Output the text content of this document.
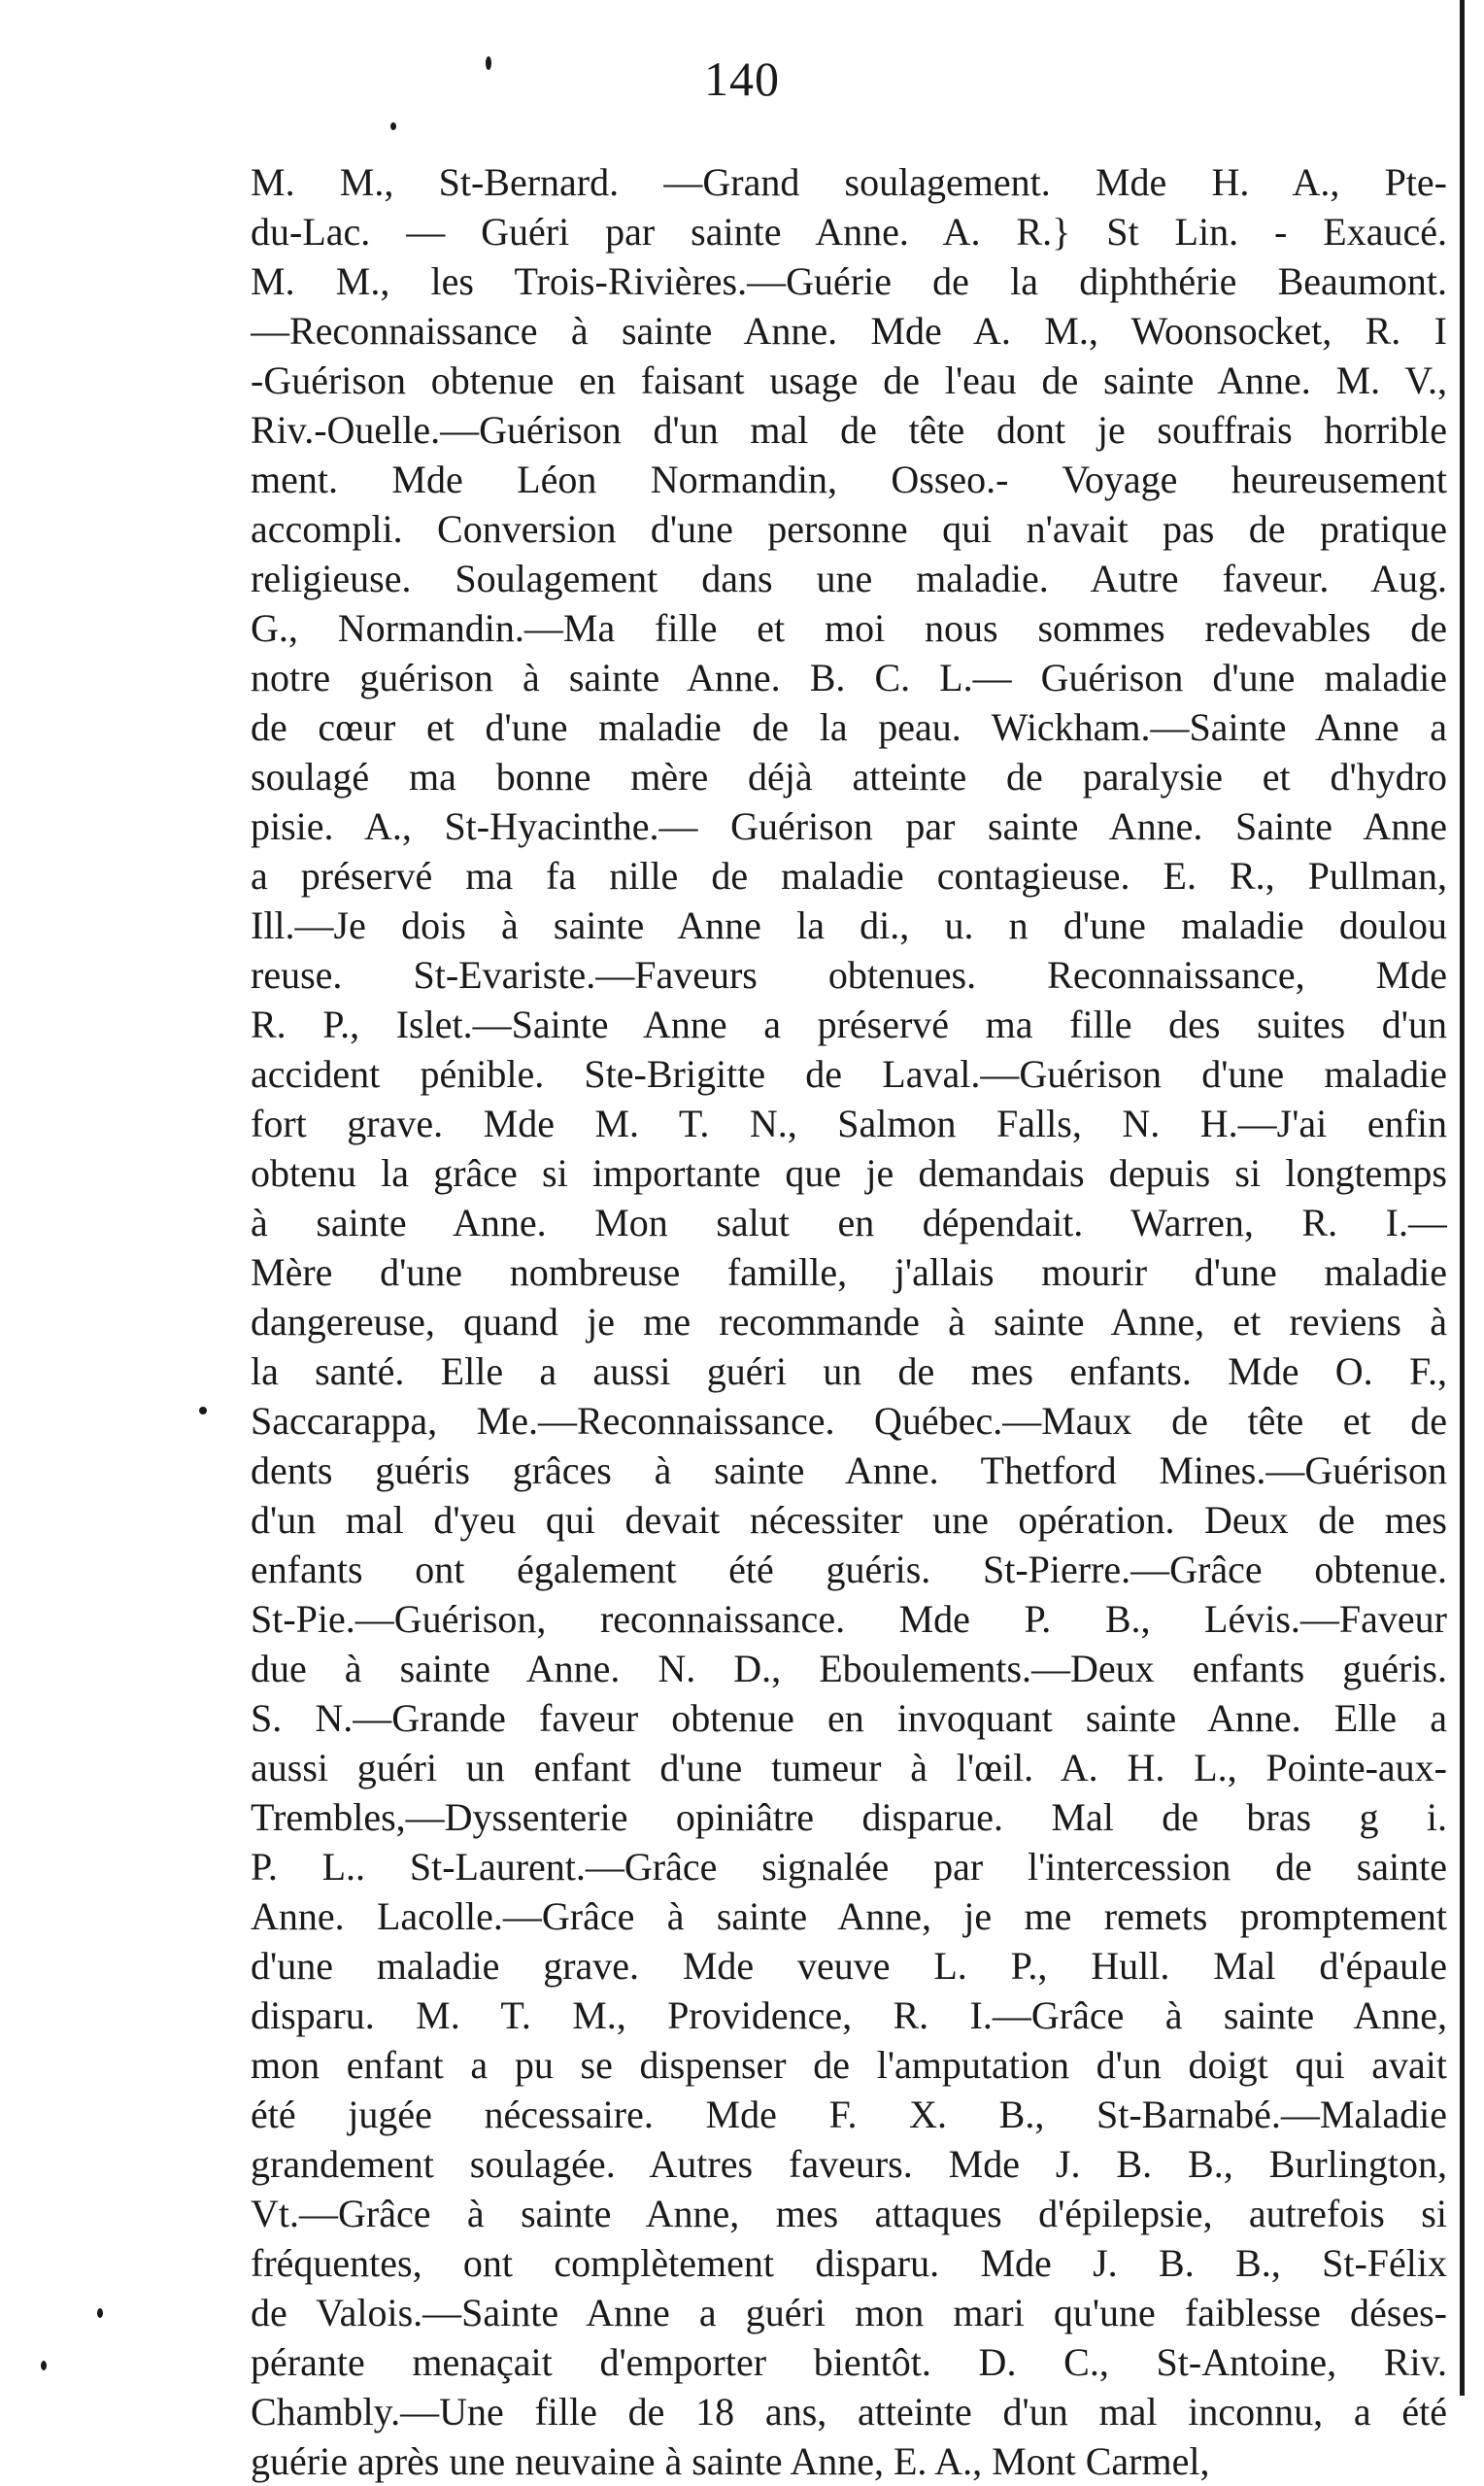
140
M. M., St-Bernard. —Grand soulagement. Mde H. A., Pte-
du-Lac. — Guéri par sainte Anne. A. R.} St Lin. - Exaucé.
M. M., les Trois-Rivières.—Guérie de la diphthérie Beaumont.
—Reconnaissance à sainte Anne. Mde A. M., Woonsocket, R. I
-Guérison obtenue en faisant usage de l'eau de sainte Anne. M. V.,
Riv.-Ouelle.—Guérison d'un mal de tête dont je souffrais horrible
ment. Mde Léon Normandin, Osseo.- Voyage heureusement
accompli. Conversion d'une personne qui n'avait pas de pratique
religieuse. Soulagement dans une maladie. Autre faveur. Aug.
G., Normandin.—Ma fille et moi nous sommes redevables de
notre guérison à sainte Anne. B. C. L.— Guérison d'une maladie
de cœur et d'une maladie de la peau. Wickham.—Sainte Anne a
soulagé ma bonne mère déjà atteinte de paralysie et d'hydro
pisie. A., St-Hyacinthe.— Guérison par sainte Anne. Sainte Anne
a préservé ma fa nille de maladie contagieuse. E. R., Pullman,
Ill.—Je dois à sainte Anne la di., u. n d'une maladie doulou
reuse. St-Evariste.—Faveurs obtenues. Reconnaissance, Mde
R. P., Islet.—Sainte Anne a préservé ma fille des suites d'un
accident pénible. Ste-Brigitte de Laval.—Guérison d'une maladie
fort grave. Mde M. T. N., Salmon Falls, N. H.—J'ai enfin
obtenu la grâce si importante que je demandais depuis si longtemps
à sainte Anne. Mon salut en dépendait. Warren, R. I.—
Mère d'une nombreuse famille, j'allais mourir d'une maladie
dangereuse, quand je me recommande à sainte Anne, et reviens à
la santé. Elle a aussi guéri un de mes enfants. Mde O. F.,
Saccarappa, Me.—Reconnaissance. Québec.—Maux de tête et de
dents guéris grâces à sainte Anne. Thetford Mines.—Guérison
d'un mal d'yeu qui devait nécessiter une opération. Deux de mes
enfants ont également été guéris. St-Pierre.—Grâce obtenue.
St-Pie.—Guérison, reconnaissance. Mde P. B., Lévis.—Faveur
due à sainte Anne. N. D., Eboulements.—Deux enfants guéris.
S. N.—Grande faveur obtenue en invoquant sainte Anne. Elle a
aussi guéri un enfant d'une tumeur à l'œil. A. H. L., Pointe-aux-
Trembles,—Dyssenterie opiniâtre disparue. Mal de bras g i.
P. L.. St-Laurent.—Grâce signalée par l'intercession de sainte
Anne. Lacolle.—Grâce à sainte Anne, je me remets promptement
d'une maladie grave. Mde veuve L. P., Hull. Mal d'épaule
disparu. M. T. M., Providence, R. I.—Grâce à sainte Anne,
mon enfant a pu se dispenser de l'amputation d'un doigt qui avait
été jugée nécessaire. Mde F. X. B., St-Barnabé.—Maladie
grandement soulagée. Autres faveurs. Mde J. B. B., Burlington,
Vt.—Grâce à sainte Anne, mes attaques d'épilepsie, autrefois si
fréquentes, ont complètement disparu. Mde J. B. B., St-Félix
de Valois.—Sainte Anne a guéri mon mari qu'une faiblesse déses-
pérante menaçait d'emporter bientôt. D. C., St-Antoine, Riv.
Chambly.—Une fille de 18 ans, atteinte d'un mal inconnu, a été
guérie après une neuvaine à sainte Anne, E. A., Mont Carmel,
